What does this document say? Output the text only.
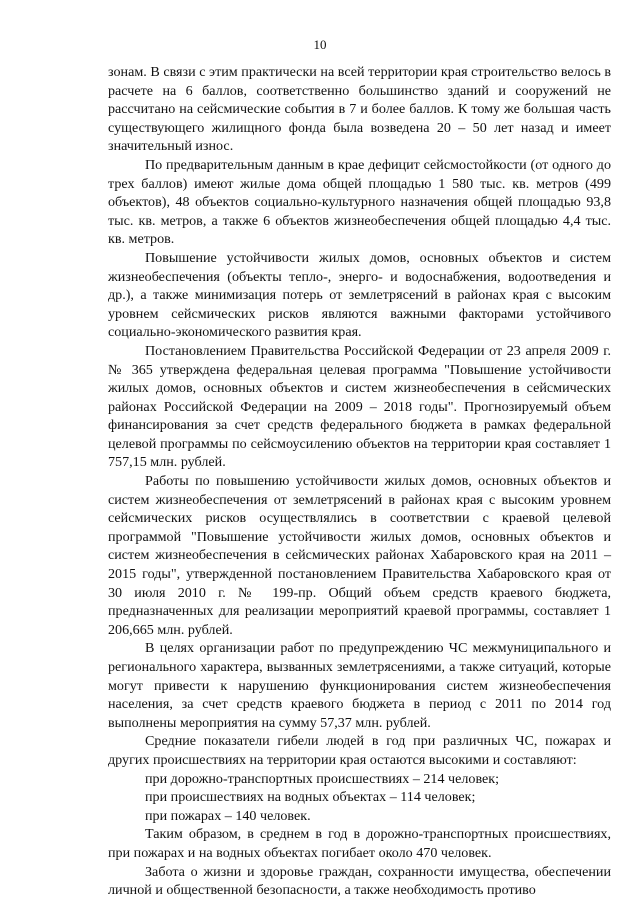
10

зонам. В связи с этим практически на всей территории края строительство велось в расчете на 6 баллов, соответственно большинство зданий и сооружений не рассчитано на сейсмические события в 7 и более баллов. К тому же большая часть существующего жилищного фонда была возведена 20 – 50 лет назад и имеет значительный износ.

По предварительным данным в крае дефицит сейсмостойкости (от одного до трех баллов) имеют жилые дома общей площадью 1 580 тыс. кв. метров (499 объектов), 48 объектов социально-культурного назначения общей площадью 93,8 тыс. кв. метров, а также 6 объектов жизнеобеспечения общей площадью 4,4 тыс. кв. метров.

Повышение устойчивости жилых домов, основных объектов и систем жизнеобеспечения (объекты тепло-, энерго- и водоснабжения, водоотведения и др.), а также минимизация потерь от землетрясений в районах края с высоким уровнем сейсмических рисков являются важными факторами устойчивого социально-экономического развития края.

Постановлением Правительства Российской Федерации от 23 апреля 2009 г. № 365 утверждена федеральная целевая программа "Повышение устойчивости жилых домов, основных объектов и систем жизнеобеспечения в сейсмических районах Российской Федерации на 2009 – 2018 годы". Прогнозируемый объем финансирования за счет средств федерального бюджета в рамках федеральной целевой программы по сейсмоусилению объектов на территории края составляет 1 757,15 млн. рублей.

Работы по повышению устойчивости жилых домов, основных объектов и систем жизнеобеспечения от землетрясений в районах края с высоким уровнем сейсмических рисков осуществлялись в соответствии с краевой целевой программой "Повышение устойчивости жилых домов, основных объектов и систем жизнеобеспечения в сейсмических районах Хабаровского края на 2011 – 2015 годы", утвержденной постановлением Правительства Хабаровского края от 30 июля 2010 г. № 199-пр. Общий объем средств краевого бюджета, предназначенных для реализации мероприятий краевой программы, составляет 1 206,665 млн. рублей.

В целях организации работ по предупреждению ЧС межмуниципального и регионального характера, вызванных землетрясениями, а также ситуаций, которые могут привести к нарушению функционирования систем жизнеобеспечения населения, за счет средств краевого бюджета в период с 2011 по 2014 год выполнены мероприятия на сумму 57,37 млн. рублей.

Средние показатели гибели людей в год при различных ЧС, пожарах и других происшествиях на территории края остаются высокими и составляют:

при дорожно-транспортных происшествиях – 214 человек;

при происшествиях на водных объектах – 114 человек;

при пожарах – 140 человек.

Таким образом, в среднем в год в дорожно-транспортных происшествиях, при пожарах и на водных объектах погибает около 470 человек.

Забота о жизни и здоровье граждан, сохранности имущества, обеспечении личной и общественной безопасности, а также необходимость противо
